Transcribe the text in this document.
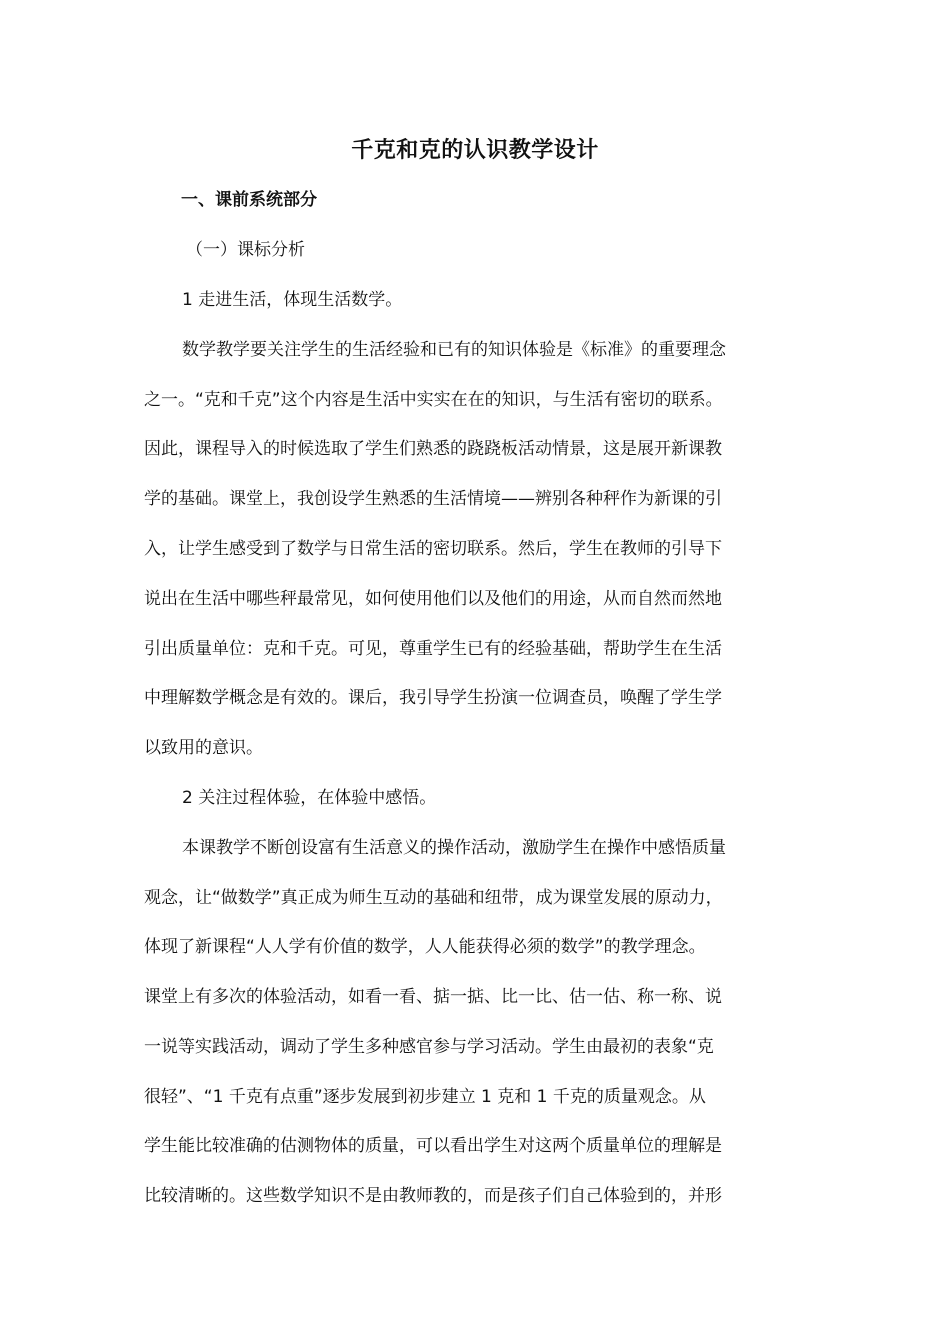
千克和克的认识教学设计
一、课前系统部分
（一）课标分析
1 走进生活，体现生活数学。
数学教学要关注学生的生活经验和已有的知识体验是《标准》的重要理念
之一。“克和千克”这个内容是生活中实实在在的知识，与生活有密切的联系。
因此，课程导入的时候选取了学生们熟悉的跷跷板活动情景，这是展开新课教
学的基础。课堂上，我创设学生熟悉的生活情境——辨别各种秤作为新课的引
入，让学生感受到了数学与日常生活的密切联系。然后，学生在教师的引导下
说出在生活中哪些秤最常见，如何使用他们以及他们的用途，从而自然而然地
引出质量单位：克和千克。可见，尊重学生已有的经验基础，帮助学生在生活
中理解数学概念是有效的。课后，我引导学生扮演一位调查员，唤醒了学生学
以致用的意识。
2 关注过程体验，在体验中感悟。
本课教学不断创设富有生活意义的操作活动，激励学生在操作中感悟质量
观念，让“做数学”真正成为师生互动的基础和纽带，成为课堂发展的原动力，
体现了新课程“人人学有价值的数学，人人能获得必须的数学”的教学理念。
课堂上有多次的体验活动，如看一看、掂一掂、比一比、估一估、称一称、说
一说等实践活动，调动了学生多种感官参与学习活动。学生由最初的表象“克
很轻”、“1 千克有点重”逐步发展到初步建立 1 克和 1 千克的质量观念。从
学生能比较准确的估测物体的质量，可以看出学生对这两个质量单位的理解是
比较清晰的。这些数学知识不是由教师教的，而是孩子们自己体验到的，并形
